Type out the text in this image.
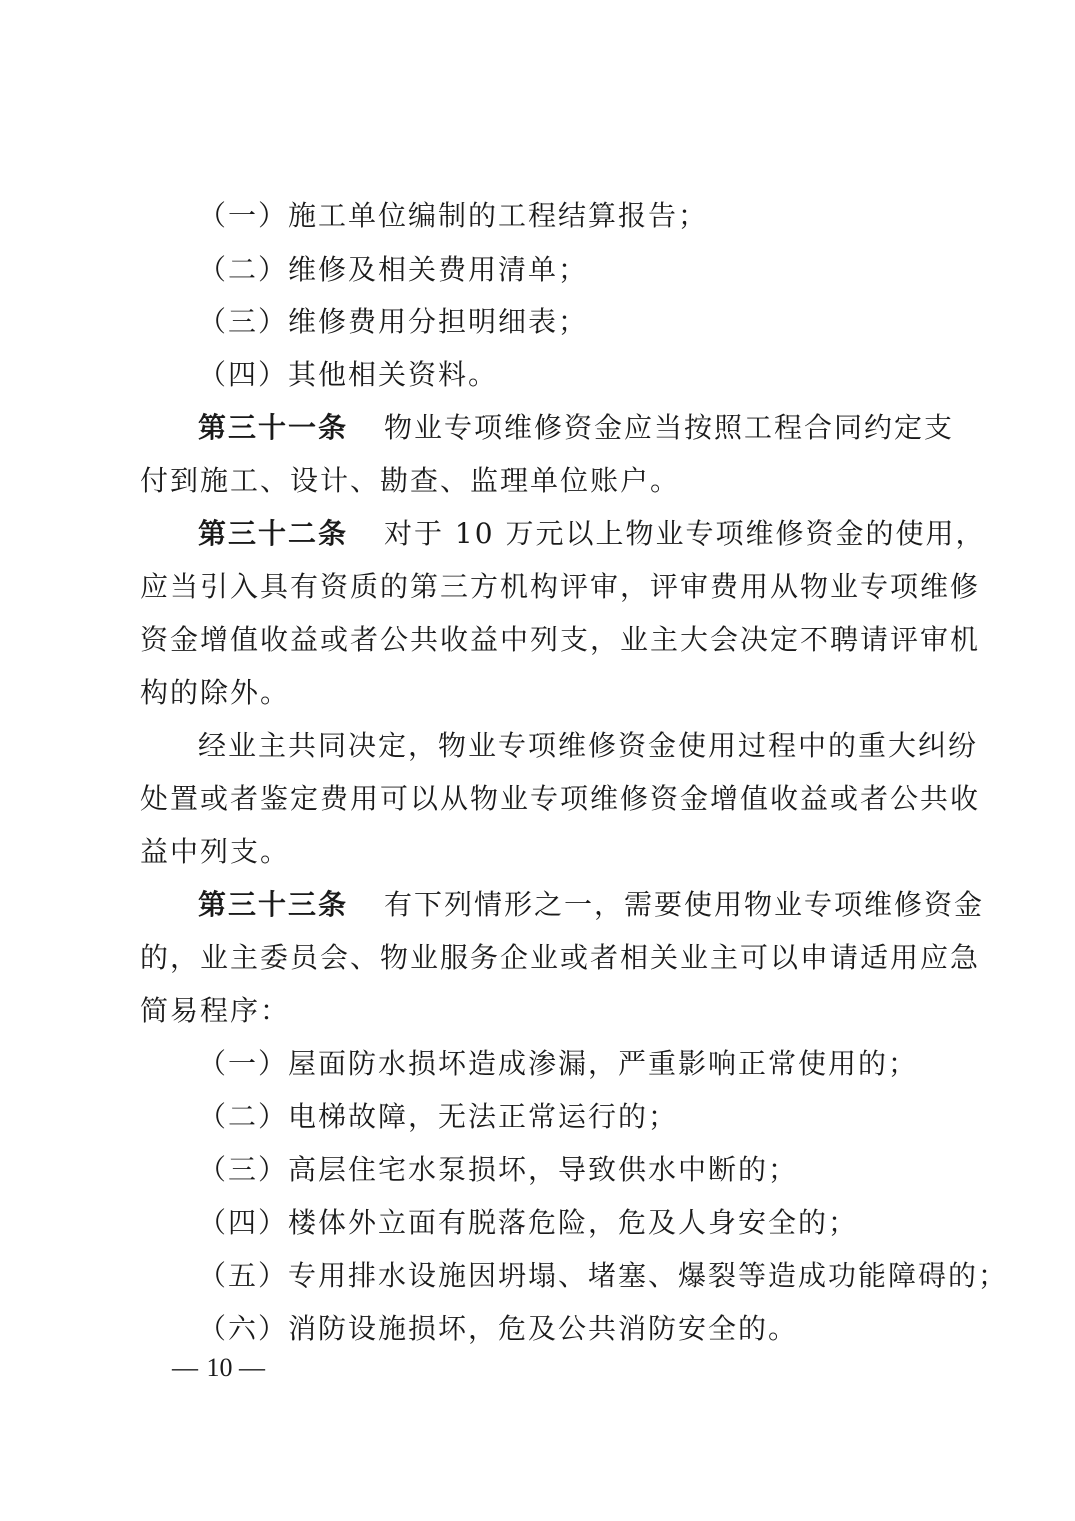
（一）施工单位编制的工程结算报告；
（二）维修及相关费用清单；
（三）维修费用分担明细表；
（四）其他相关资料。
第三十一条 物业专项维修资金应当按照工程合同约定支
付到施工、设计、勘查、监理单位账户。
第三十二条 对于 10 万元以上物业专项维修资金的使用，
应当引入具有资质的第三方机构评审，评审费用从物业专项维修
资金增值收益或者公共收益中列支，业主大会决定不聘请评审机
构的除外。
经业主共同决定，物业专项维修资金使用过程中的重大纠纷
处置或者鉴定费用可以从物业专项维修资金增值收益或者公共收
益中列支。
第三十三条 有下列情形之一，需要使用物业专项维修资金
的，业主委员会、物业服务企业或者相关业主可以申请适用应急
简易程序：
（一）屋面防水损坏造成渗漏，严重影响正常使用的；
（二）电梯故障，无法正常运行的；
（三）高层住宅水泵损坏，导致供水中断的；
（四）楼体外立面有脱落危险，危及人身安全的；
（五）专用排水设施因坍塌、堵塞、爆裂等造成功能障碍的；
（六）消防设施损坏，危及公共消防安全的。
— 10 —
